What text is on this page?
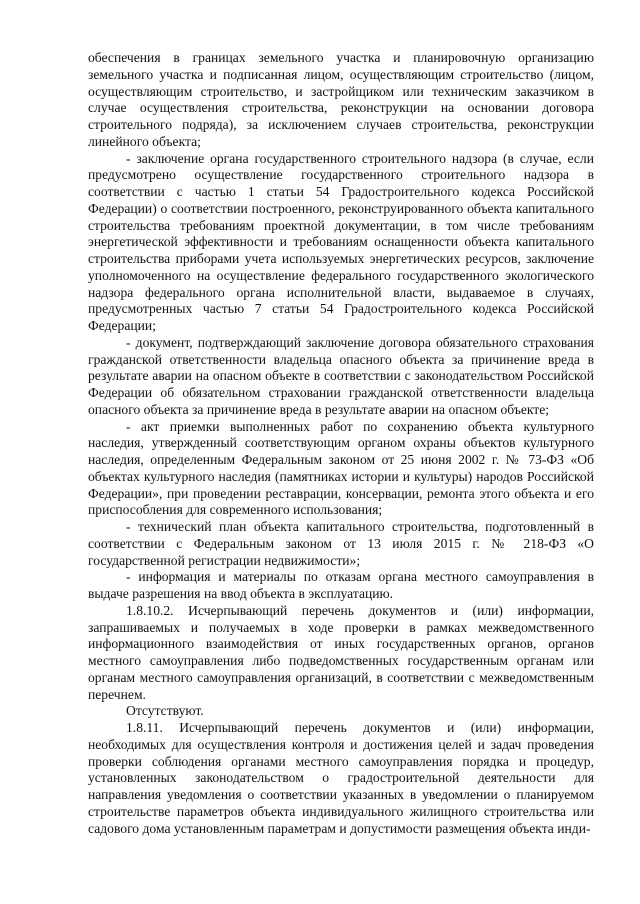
обеспечения в границах земельного участка и планировочную организацию земельного участка и подписанная лицом, осуществляющим строительство (лицом, осуществляющим строительство, и застройщиком или техническим заказчиком в случае осуществления строительства, реконструкции на основании договора строительного подряда), за исключением случаев строительства, реконструкции линейного объекта;

- заключение органа государственного строительного надзора (в случае, если предусмотрено осуществление государственного строительного надзора в соответствии с частью 1 статьи 54 Градостроительного кодекса Российской Федерации) о соответствии построенного, реконструированного объекта капитального строительства требованиям проектной документации, в том числе требованиям энергетической эффективности и требованиям оснащенности объекта капитального строительства приборами учета используемых энергетических ресурсов, заключение уполномоченного на осуществление федерального государственного экологического надзора федерального органа исполнительной власти, выдаваемое в случаях, предусмотренных частью 7 статьи 54 Градостроительного кодекса Российской Федерации;

- документ, подтверждающий заключение договора обязательного страхования гражданской ответственности владельца опасного объекта за причинение вреда в результате аварии на опасном объекте в соответствии с законодательством Российской Федерации об обязательном страховании гражданской ответственности владельца опасного объекта за причинение вреда в результате аварии на опасном объекте;

- акт приемки выполненных работ по сохранению объекта культурного наследия, утвержденный соответствующим органом охраны объектов культурного наследия, определенным Федеральным законом от 25 июня 2002 г. № 73-ФЗ «Об объектах культурного наследия (памятниках истории и культуры) народов Российской Федерации», при проведении реставрации, консервации, ремонта этого объекта и его приспособления для современного использования;

- технический план объекта капитального строительства, подготовленный в соответствии с Федеральным законом от 13 июля 2015 г. № 218-ФЗ «О государственной регистрации недвижимости»;

- информация и материалы по отказам органа местного самоуправления в выдаче разрешения на ввод объекта в эксплуатацию.

1.8.10.2. Исчерпывающий перечень документов и (или) информации, запрашиваемых и получаемых в ходе проверки в рамках межведомственного информационного взаимодействия от иных государственных органов, органов местного самоуправления либо подведомственных государственным органам или органам местного самоуправления организаций, в соответствии с межведомственным перечнем.

Отсутствуют.

1.8.11. Исчерпывающий перечень документов и (или) информации, необходимых для осуществления контроля и достижения целей и задач проведения проверки соблюдения органами местного самоуправления порядка и процедур, установленных законодательством о градостроительной деятельности для направления уведомления о соответствии указанных в уведомлении о планируемом строительстве параметров объекта индивидуального жилищного строительства или садового дома установленным параметрам и допустимости размещения объекта инди-
